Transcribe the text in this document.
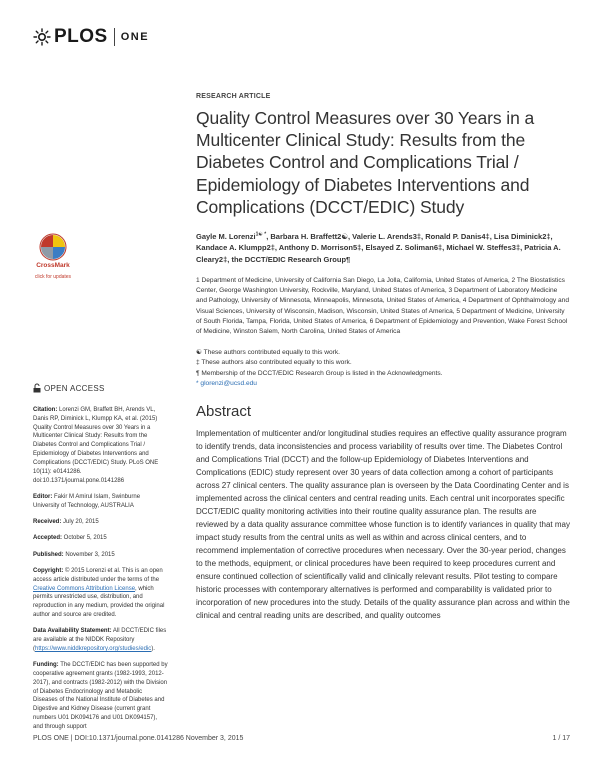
PLOS ONE
CrossMark
click for updates
OPEN ACCESS

Citation: Lorenzi GM, Braffett BH, Arends VL, Danis RP, Diminick L, Klumpp KA, et al. (2015) Quality Control Measures over 30 Years in a Multicenter Clinical Study: Results from the Diabetes Control and Complications Trial / Epidemiology of Diabetes Interventions and Complications (DCCT/EDIC) Study. PLoS ONE 10(11): e0141286. doi:10.1371/journal.pone.0141286

Editor: Fakir M Amirul Islam, Swinburne University of Technology, AUSTRALIA

Received: July 20, 2015

Accepted: October 5, 2015

Published: November 3, 2015

Copyright: © 2015 Lorenzi et al. This is an open access article distributed under the terms of the Creative Commons Attribution License, which permits unrestricted use, distribution, and reproduction in any medium, provided the original author and source are credited.

Data Availability Statement: All DCCT/EDIC files are available at the NIDDK Repository (https://www.niddkrepository.org/studies/edic).

Funding: The DCCT/EDIC has been supported by cooperative agreement grants (1982-1993, 2012-2017), and contracts (1982-2012) with the Division of Diabetes Endocrinology and Metabolic Diseases of the National Institute of Diabetes and Digestive and Kidney Disease (current grant numbers U01 DK094176 and U01 DK094157), and through support

RESEARCH ARTICLE
Quality Control Measures over 30 Years in a Multicenter Clinical Study: Results from the Diabetes Control and Complications Trial / Epidemiology of Diabetes Interventions and Complications (DCCT/EDIC) Study
Gayle M. Lorenzi$^{1☯ *}$, Barbara H. Braffett2☯, Valerie L. Arends3‡, Ronald P. Danis4‡, Lisa Diminick2‡, Kandace A. Klumpp2‡, Anthony D. Morrison5‡, Elsayed Z. Soliman6‡, Michael W. Steffes3‡, Patricia A. Cleary2‡, the DCCT/EDIC Research Group¶
1 Department of Medicine, University of California San Diego, La Jolla, California, United States of America, 2 The Biostatistics Center, George Washington University, Rockville, Maryland, United States of America, 3 Department of Laboratory Medicine and Pathology, University of Minnesota, Minneapolis, Minnesota, United States of America, 4 Department of Ophthalmology and Visual Sciences, University of Wisconsin, Madison, Wisconsin, United States of America, 5 Department of Medicine, University of South Florida, Tampa, Florida, United States of America, 6 Department of Epidemiology and Prevention, Wake Forest School of Medicine, Winston Salem, North Carolina, United States of America
☯ These authors contributed equally to this work.
‡ These authors also contributed equally to this work.
¶ Membership of the DCCT/EDIC Research Group is listed in the Acknowledgments.
* glorenzi@ucsd.edu
Abstract
Implementation of multicenter and/or longitudinal studies requires an effective quality assurance program to identify trends, data inconsistencies and process variability of results over time. The Diabetes Control and Complications Trial (DCCT) and the follow-up Epidemiology of Diabetes Interventions and Complications (EDIC) study represent over 30 years of data collection among a cohort of participants across 27 clinical centers. The quality assurance plan is overseen by the Data Coordinating Center and is implemented across the clinical centers and central reading units. Each central unit incorporates specific DCCT/EDIC quality monitoring activities into their routine quality assurance plan. The results are reviewed by a data quality assurance committee whose function is to identify variances in quality that may impact study results from the central units as well as within and across clinical centers, and to recommend implementation of corrective procedures when necessary. Over the 30-year period, changes to the methods, equipment, or clinical procedures have been required to keep procedures current and ensure continued collection of scientifically valid and clinically relevant results. Pilot testing to compare historic processes with contemporary alternatives is performed and comparability is validated prior to incorporation of new procedures into the study. Details of the quality assurance plan across and within the clinical and central reading units are described, and quality outcomes
PLOS ONE | DOI:10.1371/journal.pone.0141286 November 3, 2015	1 / 17
